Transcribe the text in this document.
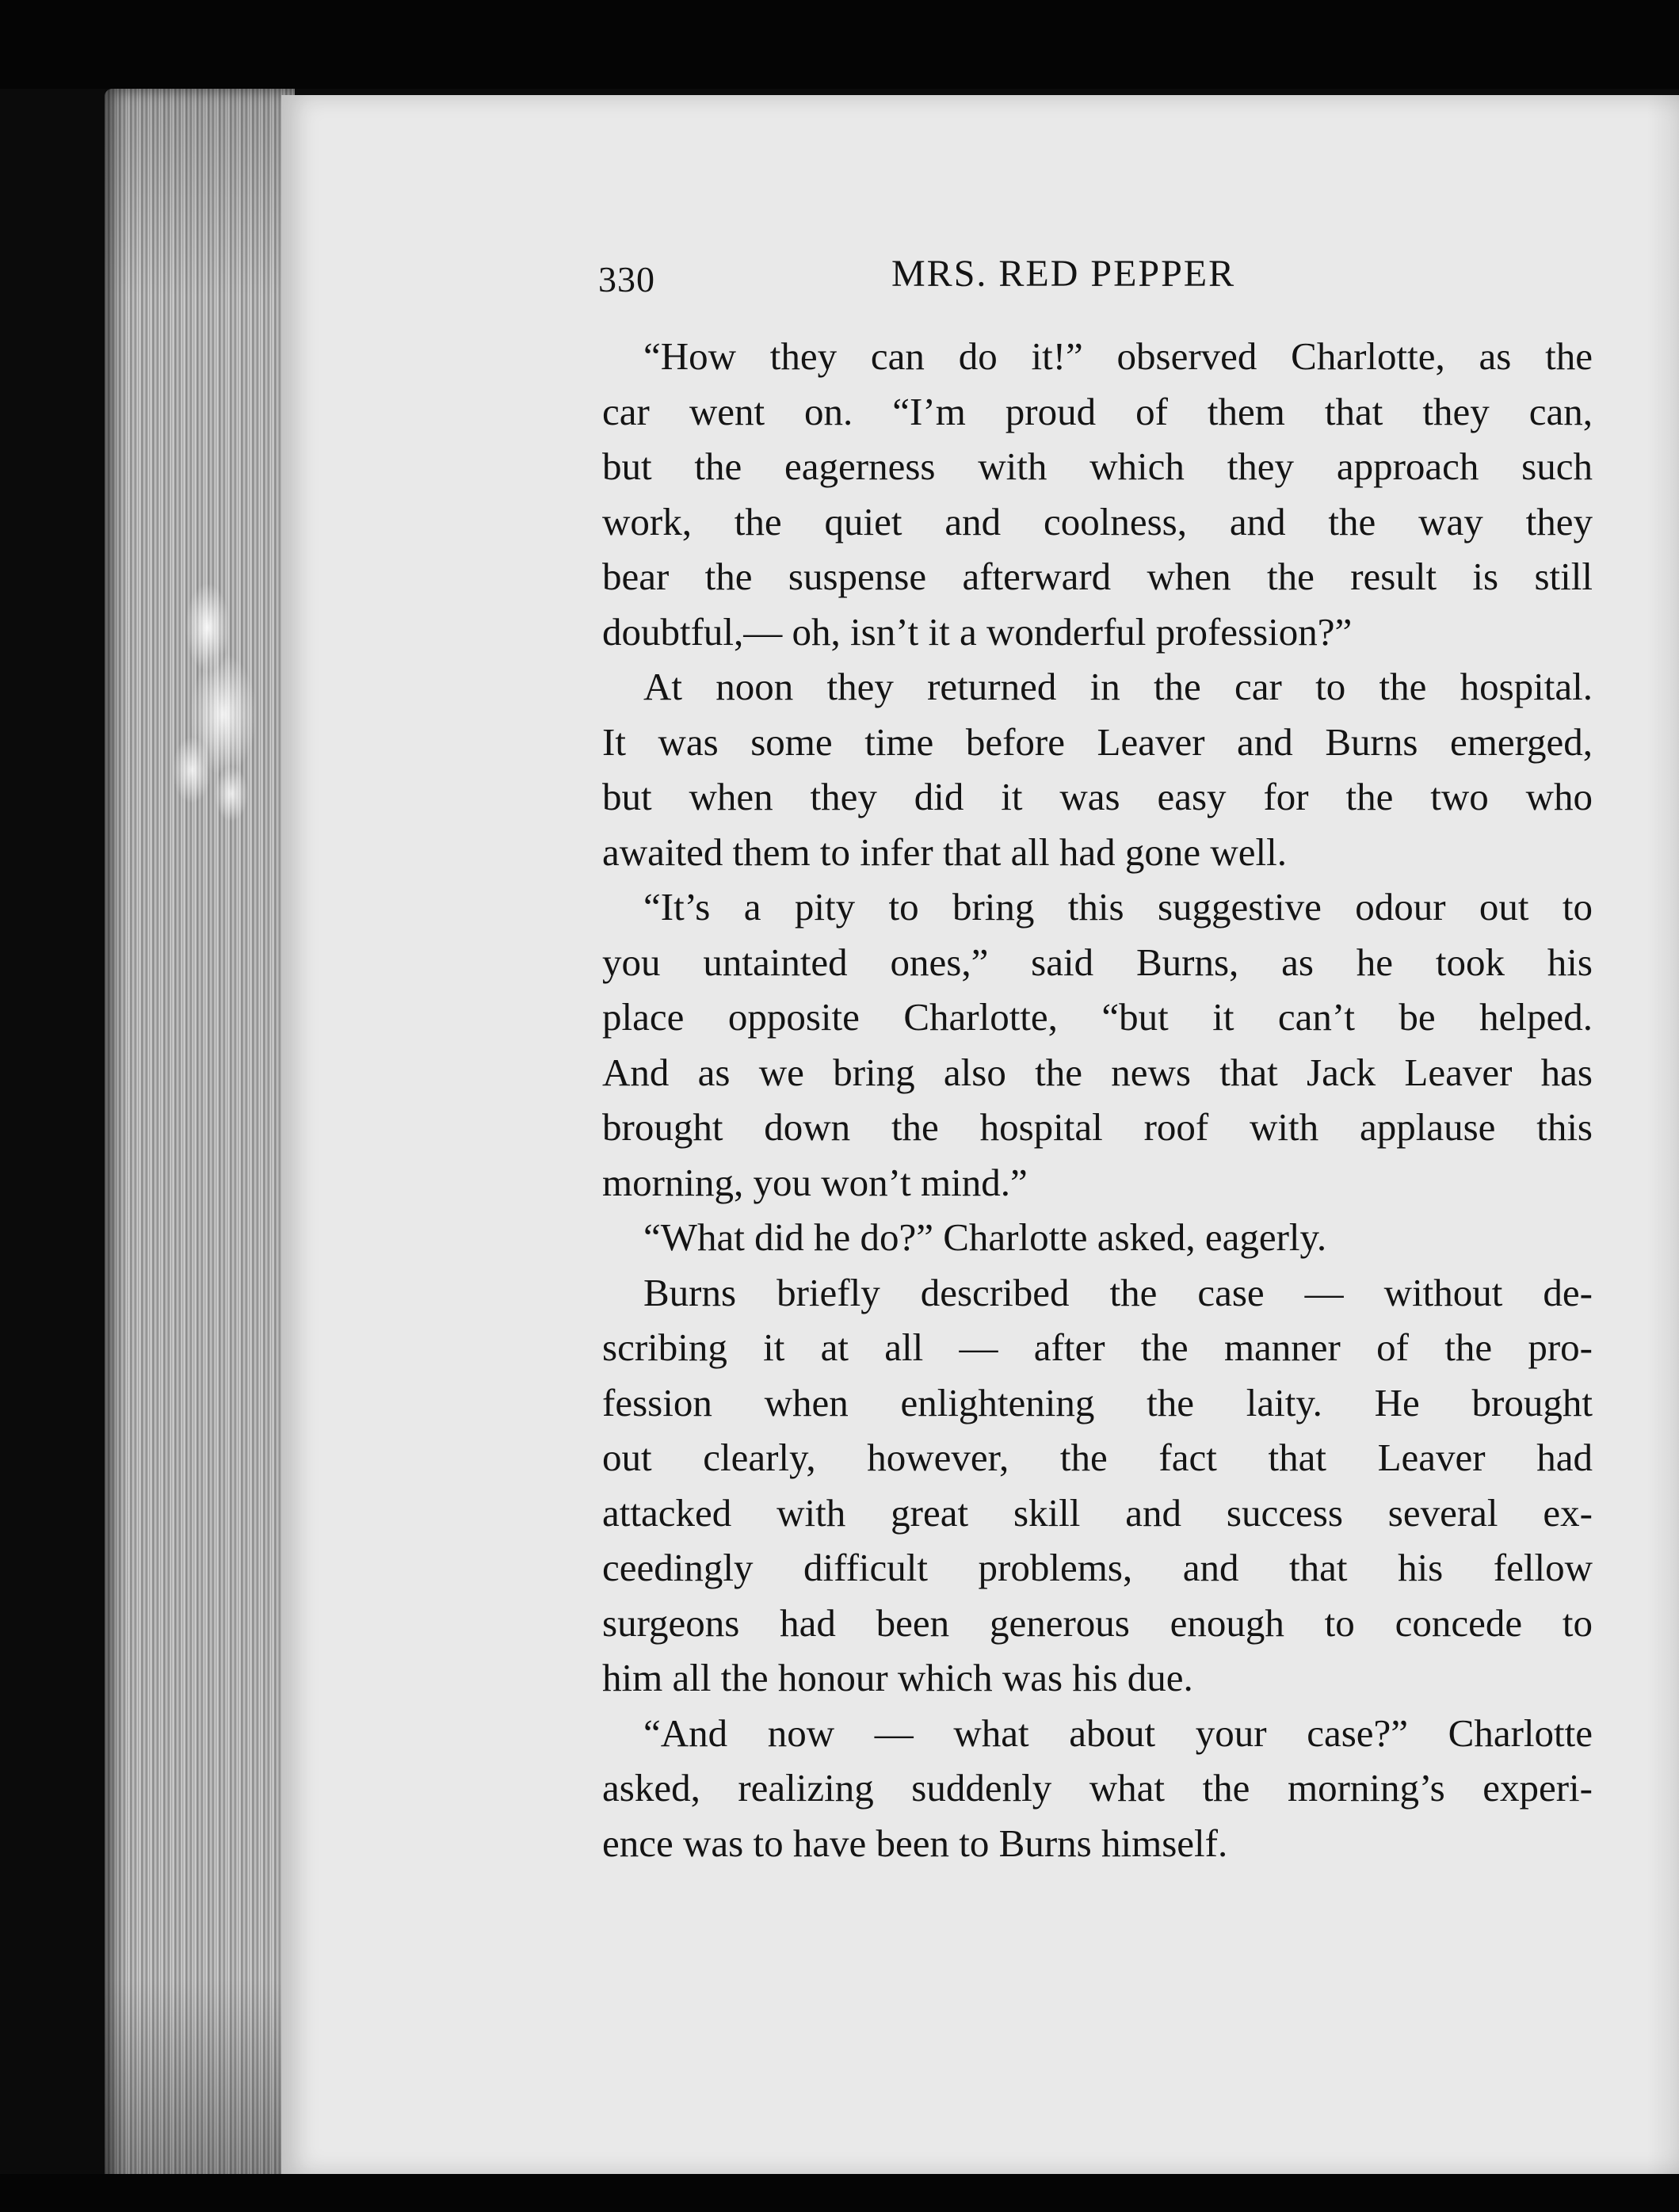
330	MRS. RED PEPPER
“How they can do it!” observed Charlotte, as the
car went on. “I’m proud of them that they can,
but the eagerness with which they approach such
work, the quiet and coolness, and the way they
bear the suspense afterward when the result is still
doubtful,— oh, isn’t it a wonderful profession?”
At noon they returned in the car to the hospital.
It was some time before Leaver and Burns emerged,
but when they did it was easy for the two who
awaited them to infer that all had gone well.
“It’s a pity to bring this suggestive odour out to
you untainted ones,” said Burns, as he took his
place opposite Charlotte, “but it can’t be helped.
And as we bring also the news that Jack Leaver has
brought down the hospital roof with applause this
morning, you won’t mind.”
“What did he do?” Charlotte asked, eagerly.
Burns briefly described the case — without de-
scribing it at all — after the manner of the pro-
fession when enlightening the laity. He brought
out clearly, however, the fact that Leaver had
attacked with great skill and success several ex-
ceedingly difficult problems, and that his fellow
surgeons had been generous enough to concede to
him all the honour which was his due.
“And now — what about your case?” Charlotte
asked, realizing suddenly what the morning’s experi-
ence was to have been to Burns himself.
